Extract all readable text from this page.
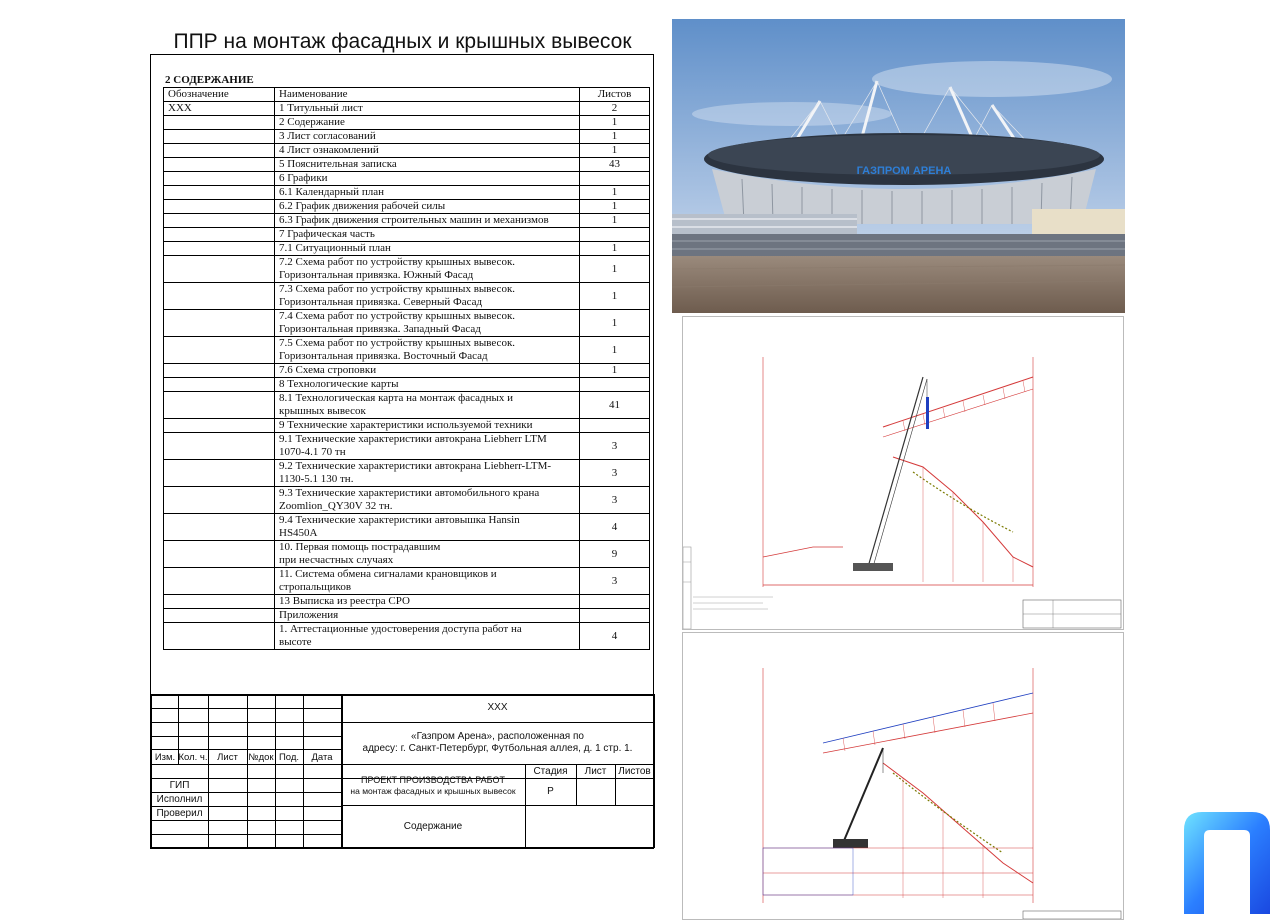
ППР на монтаж фасадных и крышных вывесок
2 СОДЕРЖАНИЕ
Обозначение	Наименование	Листов
XXX	1 Титульный лист	2

	2 Содержание	1

	3 Лист согласований	1

	4 Лист ознакомлений	1

	5 Пояснительная записка	43

	6 Графики	

	6.1 Календарный план	1

	6.2 График движения рабочей силы	1

	6.3 График движения строительных машин и механизмов	1

	7 Графическая часть	

	7.1 Ситуационный план	1

	7.2 Схема работ по устройству крышных вывесок.
Горизонтальная привязка. Южный Фасад	1

	7.3 Схема работ по устройству крышных вывесок.
Горизонтальная привязка. Северный Фасад	1

	7.4 Схема работ по устройству крышных вывесок.
Горизонтальная привязка. Западный Фасад	1

	7.5 Схема работ по устройству крышных вывесок.
Горизонтальная привязка. Восточный Фасад	1

	7.6 Схема строповки	1

	8 Технологические карты	

	8.1 Технологическая карта на монтаж фасадных и
крышных вывесок	41

	9 Технические характеристики используемой техники	

	9.1 Технические характеристики автокрана Liebherr LTM
1070-4.1 70 тн	3

	9.2 Технические характеристики автокрана Liebherr-LTM-
1130-5.1 130 тн.	3

	9.3 Технические характеристики автомобильного крана
Zoomlion_QY30V 32 тн.	3

	9.4 Технические характеристики автовышка Hansin
HS450A	4

	10. Первая помощь пострадавшим
при несчастных случаях	9

	11. Система обмена сигналами крановщиков и
стропальщиков	3

	13 Выписка из реестра СРО	

	Приложения	

	1. Аттестационные удостоверения доступа работ на
высоте	4
XXX
«Газпром Арена», расположенная по
адресу: г. Санкт-Петербург, Футбольная аллея, д. 1 стр. 1.
Изм. Кол. ч.	Лист	№док Под.	Дата
ГИП
Исполнил
Проверил
ПРОЕКТ ПРОИЗВОДСТВА РАБОТ
на монтаж фасадных и крышных вывесок
Стадия	Лист	Листов
Р
Содержание
ГАЗПРОМ АРЕНА
